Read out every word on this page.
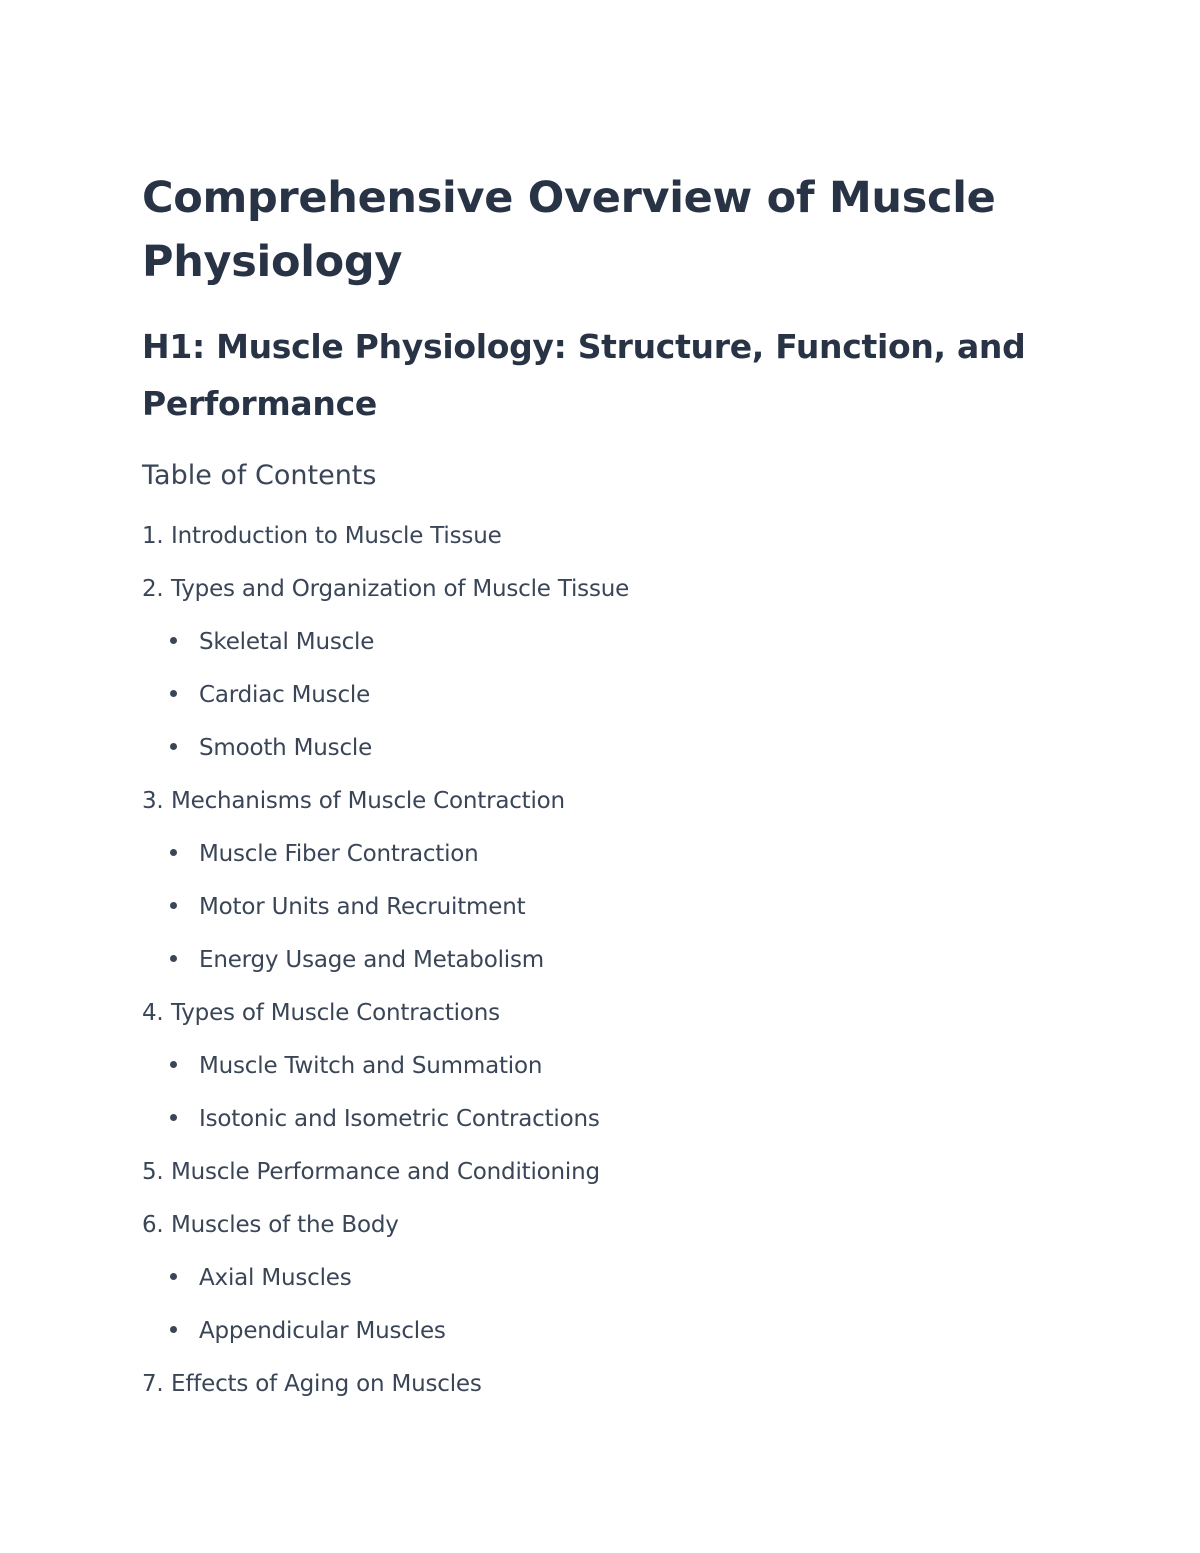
Comprehensive Overview of Muscle Physiology
H1: Muscle Physiology: Structure, Function, and Performance
Table of Contents
1. Introduction to Muscle Tissue
2. Types and Organization of Muscle Tissue
Skeletal Muscle
Cardiac Muscle
Smooth Muscle
3. Mechanisms of Muscle Contraction
Muscle Fiber Contraction
Motor Units and Recruitment
Energy Usage and Metabolism
4. Types of Muscle Contractions
Muscle Twitch and Summation
Isotonic and Isometric Contractions
5. Muscle Performance and Conditioning
6. Muscles of the Body
Axial Muscles
Appendicular Muscles
7. Effects of Aging on Muscles
